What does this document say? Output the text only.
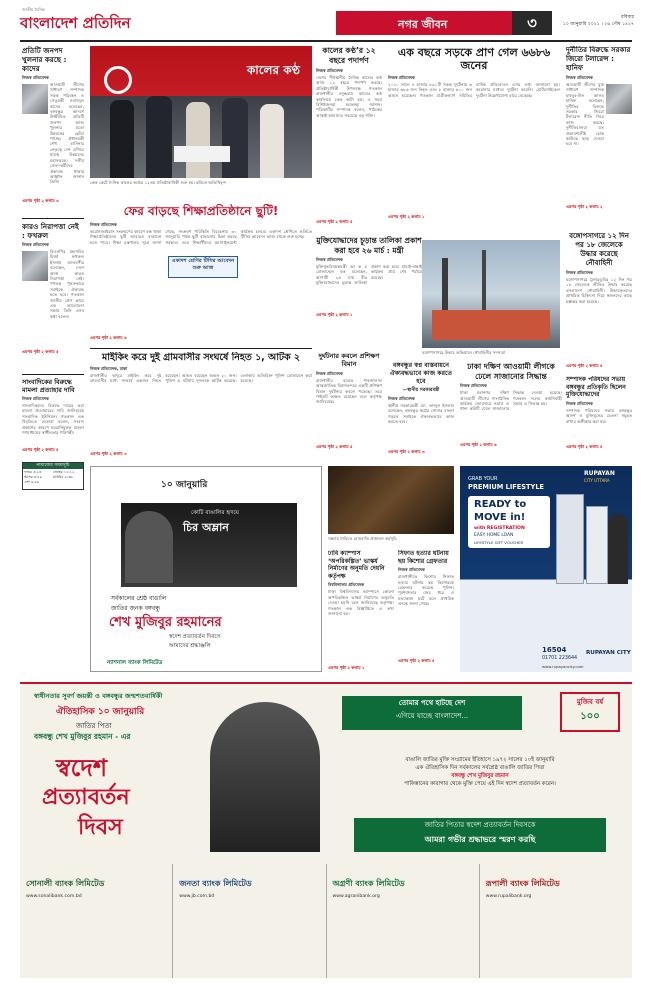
বাংলাদেশ প্রতিদিন
জাতীয় দৈনিক
নগর জীবন	৩	রবিবার
১০ জানুয়ারি ২০২১ । ২৬ পৌষ ১৪২৭
প্রতিটি জনপদ খুলনার করছে : কাদের
নিজস্ব প্রতিবেদক
আওয়ামী লীগের সাধারণ সম্পাদক সড়ক পরিবহন ও সেতুমন্ত্রী ওবায়দুল কাদের বলেছেন, বঙ্গবন্ধুর আদর্শে উজ্জীবিত প্রতিটি জনপদ আজ খুলনার মতো উন্নয়নের ছোঁয়া পাচ্ছে। প্রধানমন্ত্রী শেখ হাসিনার নেতৃত্বে দেশ এগিয়ে যাচ্ছে উন্নয়নের মহাসড়কে। দলীয় নেতা-কর্মীদের ঐক্যবদ্ধ থাকার আহ্বান জানান তিনি।
এরপর পৃষ্ঠা ২ কলাম ৩
কারও নিরাপত্তা নেই : ফখরুল
নিজস্ব প্রতিবেদক
বিএনপির মহাসচিব মির্জা ফখরুল ইসলাম আলমগীর বলেছেন, দেশে আজ কারও নিরাপত্তা নেই। গণতন্ত্র পুনরুদ্ধারে সবাইকে ঐক্যবদ্ধ হতে হবে। গতকাল জাতীয় প্রেস ক্লাবে এক আলোচনা সভায় তিনি এসব কথা বলেন।
এরপর পৃষ্ঠা ২ কলাম ৫
সাংবাদিকের বিরুদ্ধে মামলা প্রত্যাহার দাবি
নিজস্ব প্রতিবেদক
সাংবাদিকদের বিরুদ্ধে দায়ের করা মামলা প্রত্যাহারের দাবি জানিয়েছে সাংবাদিক ইউনিয়ন। গতকাল এক বিবৃতিতে নেতারা বলেন, সংবাদ প্রকাশের কারণে হয়রানিমূলক মামলা গণমাধ্যমের স্বাধীনতার পরিপন্থী।
এরপর পৃষ্ঠা ২ কলাম ৪
নামাজের সময়সূচি
ফজর ৫:২৩	জোহর ১২:১২
আসর ৩:৫৯	মাগরিব ৫:৩৬
এশা ৬:৫৬
কালের কণ্ঠ
কেক কেটে দৈনিক কালের কণ্ঠের ১২তম প্রতিষ্ঠাবার্ষিকী শুরু হয়। ছবিতে অতিথিবৃন্দ
কালের কণ্ঠ’র ১২ বছরে পদার্পণ
নিজস্ব প্রতিবেদক
দেশের শীর্ষস্থানীয় দৈনিক কালের কণ্ঠ আজ ১২ বছরে পদার্পণ করছে। প্রতিষ্ঠাবার্ষিকী উপলক্ষে গতকাল রাজধানীর বসুন্ধরায় কালের কণ্ঠ কার্যালয়ে কেক কাটা হয়। এ সময় বিশিষ্টজনরা শুভেচ্ছা জানান। পত্রিকাটির সম্পাদক বলেন, পাঠকের আস্থাই আমাদের সবচেয়ে বড় শক্তি।
এরপর পৃষ্ঠা ২ কলাম ৫
এক বছরে সড়কে প্রাণ গেল ৬৬৮৬ জনের
নিজস্ব প্রতিবেদক
২০২০ সালে ৪ হাজার ৮৯১টি সড়ক দুর্ঘটনায় ৬ হাজার ৬৮৬ জন নিহত এবং ৮ হাজার ৬০০ জন আহত হয়েছেন। গতকাল যাত্রীকল্যাণ সমিতির বার্ষিক প্রতিবেদনে এসব তথ্য জানানো হয়। করোনার মধ্যেও দুর্ঘটনা কমেনি। মোটরসাইকেল দুর্ঘটনা উল্লেখযোগ্য হারে বেড়েছে।
এরপর পৃষ্ঠা ২ কলাম ১
দুর্নীতির বিরুদ্ধে সরকার জিরো টলারেন্স : হানিফ
নিজস্ব প্রতিবেদক
আওয়ামী লীগের যুগ্ম সাধারণ সম্পাদক মাহবুব-উল আলম হানিফ বলেছেন, দুর্নীতির বিরুদ্ধে সরকার জিরো টলারেন্স নীতি নিয়ে কাজ করছে। দুর্নীতিবাজরা যত প্রভাবশালীই হোক কাউকে ছাড় দেওয়া হবে না।
এরপর পৃষ্ঠা ২ কলাম ২
ফের বাড়ছে শিক্ষাপ্রতিষ্ঠানে ছুটি!
নিজস্ব প্রতিবেদক
একাদশ শ্রেণির টিসির আবেদন শুরু আজ
করোনাভাইরাস সংক্রমণের কারণে বন্ধ থাকা শিক্ষাপ্রতিষ্ঠানের ছুটি আবারও বাড়ানো হতে পারে। শিক্ষা মন্ত্রণালয় সূত্রে জানা গেছে, সংক্রমণ পরিস্থিতি বিবেচনায় ৩০ জানুয়ারি পর্যন্ত ছুটি বাড়ানোর চিন্তা করছে সরকার। তবে শিক্ষার্থীদের অ্যাসাইনমেন্ট কার্যক্রম চলবে। একাদশ শ্রেণিতে ভর্তিতে টিসির আবেদন আজ থেকে শুরু হচ্ছে।
এরপর পৃষ্ঠা ২ কলাম ৬
মুক্তিযোদ্ধাদের চূড়ান্ত তালিকা প্রকাশ করা হবে ২৬ মার্চ : মন্ত্রী
নিজস্ব প্রতিবেদক
মুক্তিযুদ্ধবিষয়কমন্ত্রী আ ক ম মোজাম্মেল হক বলেছেন, আগামী ২৬ মার্চ বীর মুক্তিযোদ্ধাদের চূড়ান্ত তালিকা প্রকাশ করা হবে। যাচাই-বাছাই কার্যক্রম প্রায় শেষ পর্যায়ে রয়েছে।
এরপর পৃষ্ঠা ২ কলাম ১
বঙ্গোপসাগরে উদ্ধার অভিযানে নৌবাহিনীর সদস্যরা
বঙ্গোপসাগরে ১২ দিন পর ১৮ জেলেকে উদ্ধার করেছে নৌবাহিনী
নিজস্ব প্রতিবেদক
বঙ্গোপসাগরে ট্রলারডুবির ১২ দিন পর ১৮ জেলেকে জীবিত উদ্ধার করেছে বাংলাদেশ নৌবাহিনী। উদ্ধারকৃতদের প্রাথমিক চিকিৎসা দিয়ে স্বজনদের কাছে হস্তান্তর করা হয়েছে।
এরপর পৃষ্ঠা ২ কলাম ৪
সম্পাদক পরিষদের সভায় বঙ্গবন্ধুর প্রতিকৃতি ছিলেন মুক্তিযোদ্ধাদের
নিজস্ব প্রতিবেদক
সম্পাদক পরিষদের সভায় বঙ্গবন্ধুর আদর্শ ও মুক্তিযুদ্ধের চেতনা সমুন্নত রাখার অঙ্গীকার করা হয়।
এরপর পৃষ্ঠা ২ কলাম ৪
মাইকিং করে দুই গ্রামবাসীর সংঘর্ষে নিহত ১, আটক ২
নিজস্ব প্রতিবেদক, ঢাকা
রাজধানীর অদূরে মাইকিং করে দুই গ্রামবাসীর মধ্যে সংঘর্ষে একজন নিহত হয়েছেন। আহত হয়েছেন অন্তত ২০ জন। পুলিশ এ ঘটনায় দুজনকে আটক করেছে। এলাকায় অতিরিক্ত পুলিশ মোতায়েন করা হয়েছে।
এরপর পৃষ্ঠা ২ কলাম ৩
দুর্ঘটনার কবলে প্রশিক্ষণ বিমান
নিজস্ব প্রতিবেদক
রাজধানীর হযরত শাহজালাল আন্তর্জাতিক বিমানবন্দরে একটি প্রশিক্ষণ বিমান দুর্ঘটনার কবলে পড়েছে। তবে পাইলট অক্ষত রয়েছেন বলে কর্তৃপক্ষ জানিয়েছে।
এরপর পৃষ্ঠা ২ কলাম ৫
বঙ্গবন্ধুর স্বপ্ন বাস্তবায়নে ঐক্যবদ্ধভাবে কাজ করতে হবে
—স্থানীয় সরকারমন্ত্রী
নিজস্ব প্রতিবেদক
স্থানীয় সরকারমন্ত্রী মো. তাজুল ইসলাম বলেছেন, বঙ্গবন্ধুর স্বপ্নের সোনার বাংলা গড়তে সবাইকে ঐক্যবদ্ধভাবে কাজ করতে হবে।
এরপর পৃষ্ঠা ২ কলাম ৩
ঢাকা দক্ষিণ আওয়ামী লীগকে ঢেলে সাজানোর সিদ্ধান্ত
নিজস্ব প্রতিবেদক
ঢাকা মহানগর দক্ষিণ আওয়ামী লীগের সাংগঠনিক কার্যক্রম জোরদারে ওয়ার্ড ও থানা কমিটি ঢেলে সাজানোর সিদ্ধান্ত নেওয়া হয়েছে। গতকাল দলের কার্যনির্বাহী সভায় এ সিদ্ধান্ত হয়।
এরপর পৃষ্ঠা ২ কলাম ৬
১০ জানুয়ারি
কোটি বাঙালির হৃদয়ে
চির অম্লান
সর্বকালের শ্রেষ্ঠ বাঙালি
জাতির জনক বঙ্গবন্ধু
শেখ মুজিবুর রহমানের
স্বদেশ প্রত্যাবর্তন দিবসে
আমাদের শ্রদ্ধাঞ্জলি
ন্যাশনাল ব্যাংক লিমিটেড
সন্ধ্যায় ঢাবিতে মোমবাতি প্রজ্বালন কর্মসূচি
ঢাবি ক্যাম্পাস ‘অপরিকল্পিত’ ভাস্কর্য নির্মাণের অনুমতি দেয়নি কর্তৃপক্ষ
বিশ্ববিদ্যালয় প্রতিবেদক
ঢাকা বিশ্ববিদ্যালয় ক্যাম্পাসে কোনো অপরিকল্পিত ভাস্কর্য নির্মাণের অনুমতি দেওয়া হয়নি বলে জানিয়েছে কর্তৃপক্ষ। গতকাল এক বিজ্ঞপ্তিতে এ তথ্য জানানো হয়।
এরপর পৃষ্ঠা ২ কলাম ১
সিফাত হত্যার ঘটনায় ছয় কিশোর গ্রেফতার
নিজস্ব প্রতিবেদক
রাজধানীতে কিশোর সিফাত হত্যার ঘটনায় ছয় কিশোরকে গ্রেফতার করেছে পুলিশ। পূর্বশত্রুতার জের ধরে এ হত্যাকাণ্ড ঘটে বলে প্রাথমিক তদন্তে জানা গেছে।
এরপর পৃষ্ঠা ২ কলাম ৫
RUPAYAN
CITY UTTARA
GRAB YOUR
PREMIUM LIFESTYLE
READY to
MOVE in!
with REGISTRATION
EASY HOME LOAN
LIFESTYLE GIFT VOUCHER
16504
01701 223644
www.rupayancity.com
RUPAYAN CITY
স্বাধীনতার সুবর্ণ জয়ন্তী ও বঙ্গবন্ধুর জন্মশতবার্ষিকী
ঐতিহাসিক ১০ জানুয়ারি
জাতির পিতা
বঙ্গবন্ধু শেখ মুজিবুর রহমান - এর
স্বদেশ
প্রত্যাবর্তন
দিবস
তোমার পথে হাটছে দেশ
এগিয়ে যাচ্ছে বাংলাদেশ...
মুজিব বর্ষ
১০০
বাঙালি জাতির মুক্তি সংগ্রামের ইতিহাসে ১৯৭২ সালের ১০ই জানুয়ারি
এক ঐতিহাসিক দিন সর্বকালের সর্বশ্রেষ্ঠ বাঙালি জাতির পিতা
বঙ্গবন্ধু শেখ মুজিবুর রহমান
পাকিস্তানের কারাগার থেকে মুক্তি পেয়ে এই দিন স্বদেশ প্রত্যাবর্তন করেন।
জাতির পিতার স্বদেশ প্রত্যাবর্তন দিবসকে
আমরা গভীর শ্রদ্ধাভরে স্মরণ করছি
সোনালী ব্যাংক লিমিটেড
www.sonalibank.com.bd
জনতা ব্যাংক লিমিটেড
www.jb.com.bd
অগ্রণী ব্যাংক লিমিটেড
www.agranibank.org
রূপালী ব্যাংক লিমিটেড
www.rupalibank.org
